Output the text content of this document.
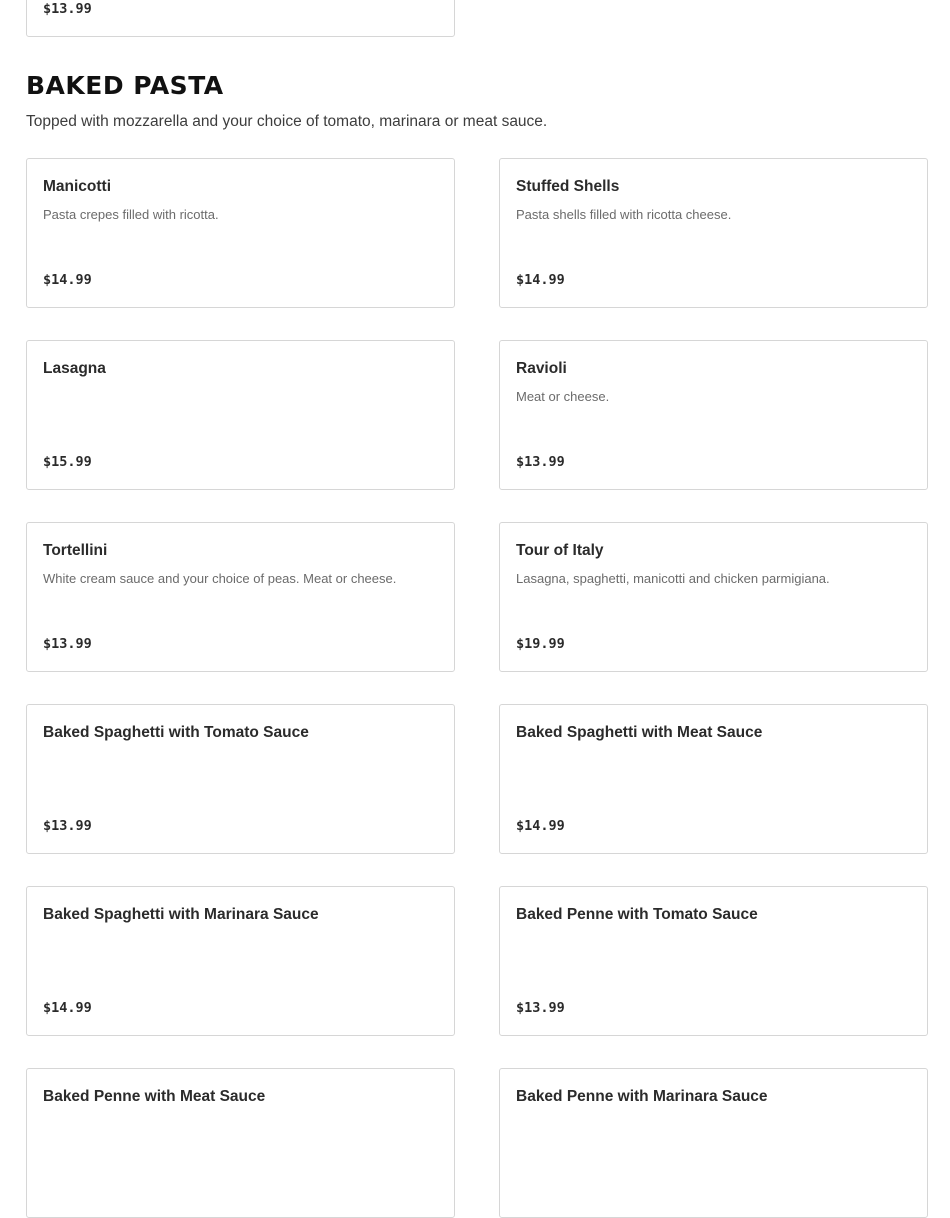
$13.99
BAKED PASTA
Topped with mozzarella and your choice of tomato, marinara or meat sauce.
Manicotti
Pasta crepes filled with ricotta.
$14.99
Stuffed Shells
Pasta shells filled with ricotta cheese.
$14.99
Lasagna
$15.99
Ravioli
Meat or cheese.
$13.99
Tortellini
White cream sauce and your choice of peas. Meat or cheese.
$13.99
Tour of Italy
Lasagna, spaghetti, manicotti and chicken parmigiana.
$19.99
Baked Spaghetti with Tomato Sauce
$13.99
Baked Spaghetti with Meat Sauce
$14.99
Baked Spaghetti with Marinara Sauce
$14.99
Baked Penne with Tomato Sauce
$13.99
Baked Penne with Meat Sauce	Baked Penne with Marinara Sauce
